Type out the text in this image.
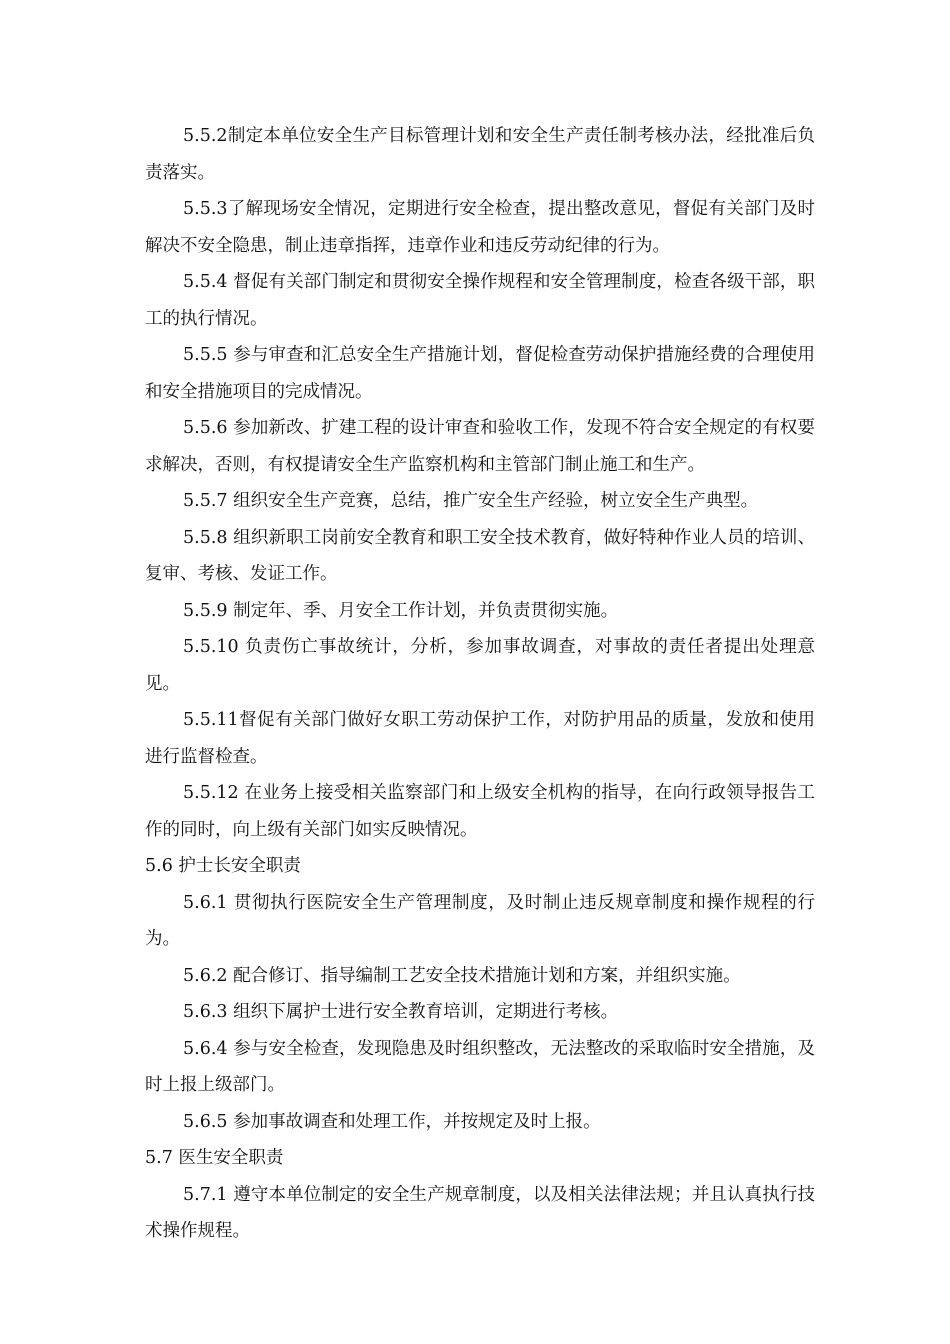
5.5.2制定本单位安全生产目标管理计划和安全生产责任制考核办法，经批准后负责落实。

5.5.3了解现场安全情况，定期进行安全检查，提出整改意见，督促有关部门及时解决不安全隐患，制止违章指挥，违章作业和违反劳动纪律的行为。

5.5.4 督促有关部门制定和贯彻安全操作规程和安全管理制度，检查各级干部，职工的执行情况。

5.5.5 参与审查和汇总安全生产措施计划，督促检查劳动保护措施经费的合理使用和安全措施项目的完成情况。

5.5.6 参加新改、扩建工程的设计审查和验收工作，发现不符合安全规定的有权要求解决，否则，有权提请安全生产监察机构和主管部门制止施工和生产。

5.5.7 组织安全生产竞赛，总结，推广安全生产经验，树立安全生产典型。

5.5.8 组织新职工岗前安全教育和职工安全技术教育，做好特种作业人员的培训、复审、考核、发证工作。

5.5.9 制定年、季、月安全工作计划，并负责贯彻实施。

5.5.10 负责伤亡事故统计，分析，参加事故调查，对事故的责任者提出处理意见。

5.5.11督促有关部门做好女职工劳动保护工作，对防护用品的质量，发放和使用进行监督检查。

5.5.12 在业务上接受相关监察部门和上级安全机构的指导，在向行政领导报告工作的同时，向上级有关部门如实反映情况。

5.6 护士长安全职责

5.6.1 贯彻执行医院安全生产管理制度，及时制止违反规章制度和操作规程的行为。

5.6.2 配合修订、指导编制工艺安全技术措施计划和方案，并组织实施。

5.6.3 组织下属护士进行安全教育培训，定期进行考核。

5.6.4 参与安全检查，发现隐患及时组织整改，无法整改的采取临时安全措施，及时上报上级部门。

5.6.5 参加事故调查和处理工作，并按规定及时上报。

5.7 医生安全职责

5.7.1 遵守本单位制定的安全生产规章制度，以及相关法律法规；并且认真执行技术操作规程。
